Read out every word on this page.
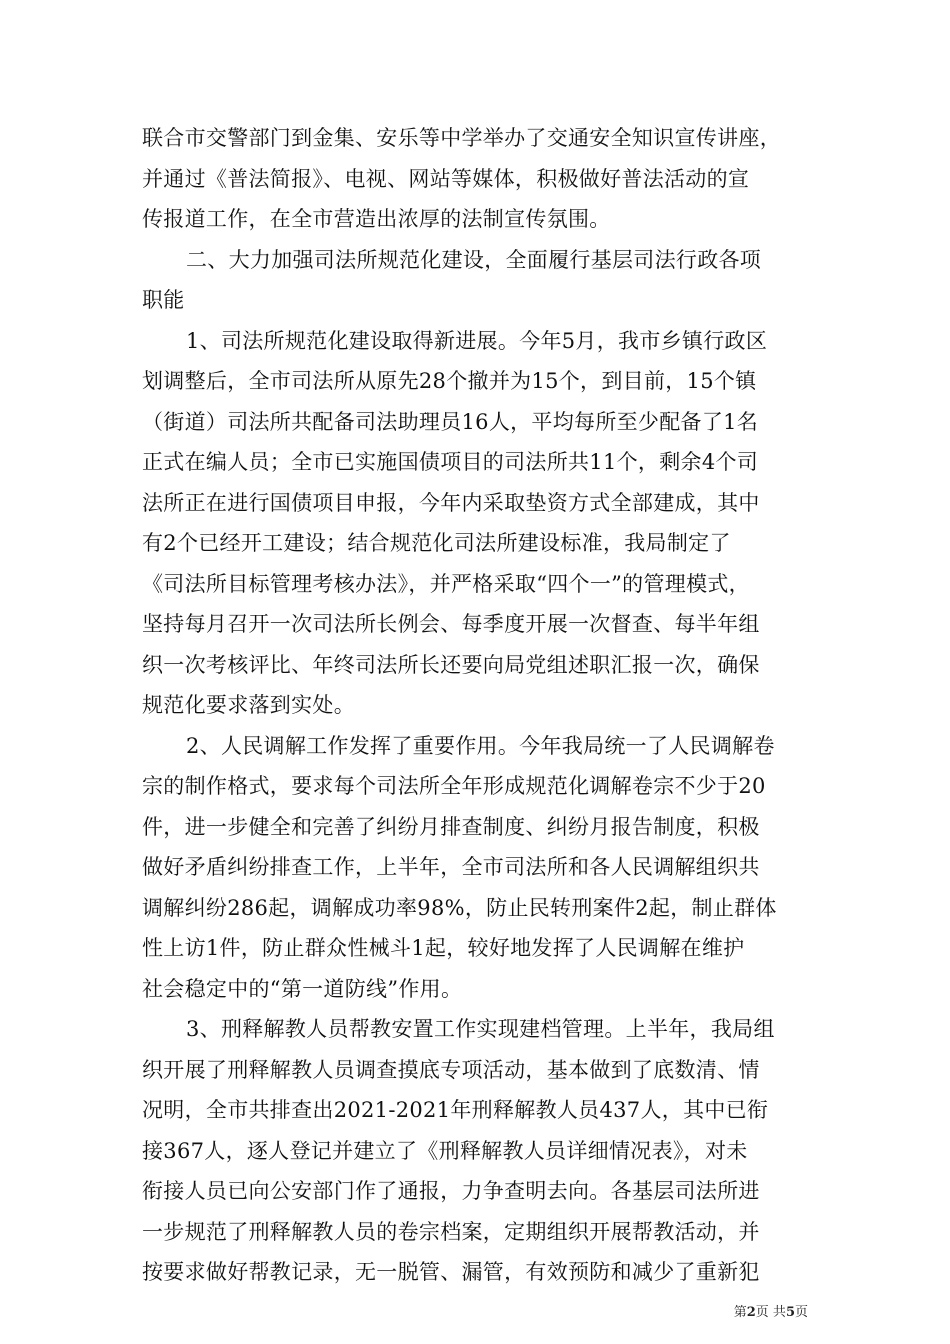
联合市交警部门到金集、安乐等中学举办了交通安全知识宣传讲座，
并通过《普法简报》、电视、网站等媒体，积极做好普法活动的宣
传报道工作，在全市营造出浓厚的法制宣传氛围。
二、大力加强司法所规范化建设，全面履行基层司法行政各项
职能
1、司法所规范化建设取得新进展。今年5月，我市乡镇行政区
划调整后，全市司法所从原先28个撤并为15个，到目前，15个镇
（街道）司法所共配备司法助理员16人，平均每所至少配备了1名
正式在编人员；全市已实施国债项目的司法所共11个，剩余4个司
法所正在进行国债项目申报，今年内采取垫资方式全部建成，其中
有2个已经开工建设；结合规范化司法所建设标准，我局制定了
《司法所目标管理考核办法》，并严格采取“四个一”的管理模式，
坚持每月召开一次司法所长例会、每季度开展一次督查、每半年组
织一次考核评比、年终司法所长还要向局党组述职汇报一次，确保
规范化要求落到实处。
2、人民调解工作发挥了重要作用。今年我局统一了人民调解卷
宗的制作格式，要求每个司法所全年形成规范化调解卷宗不少于20
件，进一步健全和完善了纠纷月排查制度、纠纷月报告制度，积极
做好矛盾纠纷排查工作，上半年，全市司法所和各人民调解组织共
调解纠纷286起，调解成功率98%，防止民转刑案件2起，制止群体
性上访1件，防止群众性械斗1起，较好地发挥了人民调解在维护
社会稳定中的“第一道防线”作用。
3、刑释解教人员帮教安置工作实现建档管理。上半年，我局组
织开展了刑释解教人员调查摸底专项活动，基本做到了底数清、情
况明，全市共排查出2021-2021年刑释解教人员437人，其中已衔
接367人，逐人登记并建立了《刑释解教人员详细情况表》，对未
衔接人员已向公安部门作了通报，力争查明去向。各基层司法所进
一步规范了刑释解教人员的卷宗档案，定期组织开展帮教活动，并
按要求做好帮教记录，无一脱管、漏管，有效预防和减少了重新犯
第2页 共5页
